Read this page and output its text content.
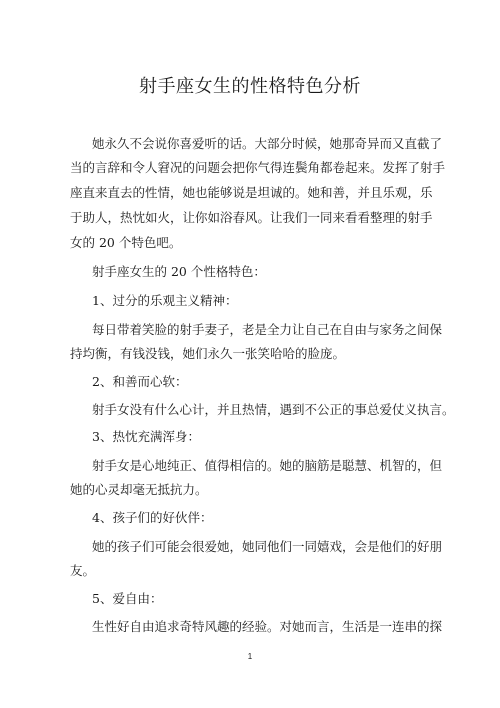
射手座女生的性格特色分析
她永久不会说你喜爱听的话。大部分时候，她那奇异而又直截了
当的言辞和令人窘况的问题会把你气得连鬓角都卷起来。发挥了射手
座直来直去的性情，她也能够说是坦诚的。她和善，并且乐观，乐
于助人，热忱如火，让你如浴春风。让我们一同来看看整理的射手
女的 20 个特色吧。
射手座女生的 20 个性格特色：
1、过分的乐观主义精神：
每日带着笑脸的射手妻子，老是全力让自己在自由与家务之间保
持均衡，有钱没钱，她们永久一张笑哈哈的脸庞。
2、和善而心软：
射手女没有什么心计，并且热情，遇到不公正的事总爱仗义执言。
3、热忱充满浑身：
射手女是心地纯正、值得相信的。她的脑筋是聪慧、机智的，但
她的心灵却毫无抵抗力。
4、孩子们的好伙伴：
她的孩子们可能会很爱她，她同他们一同嬉戏，会是他们的好朋
友。
5、爱自由：
生性好自由追求奇特风趣的经验。对她而言，生活是一连串的探
1
